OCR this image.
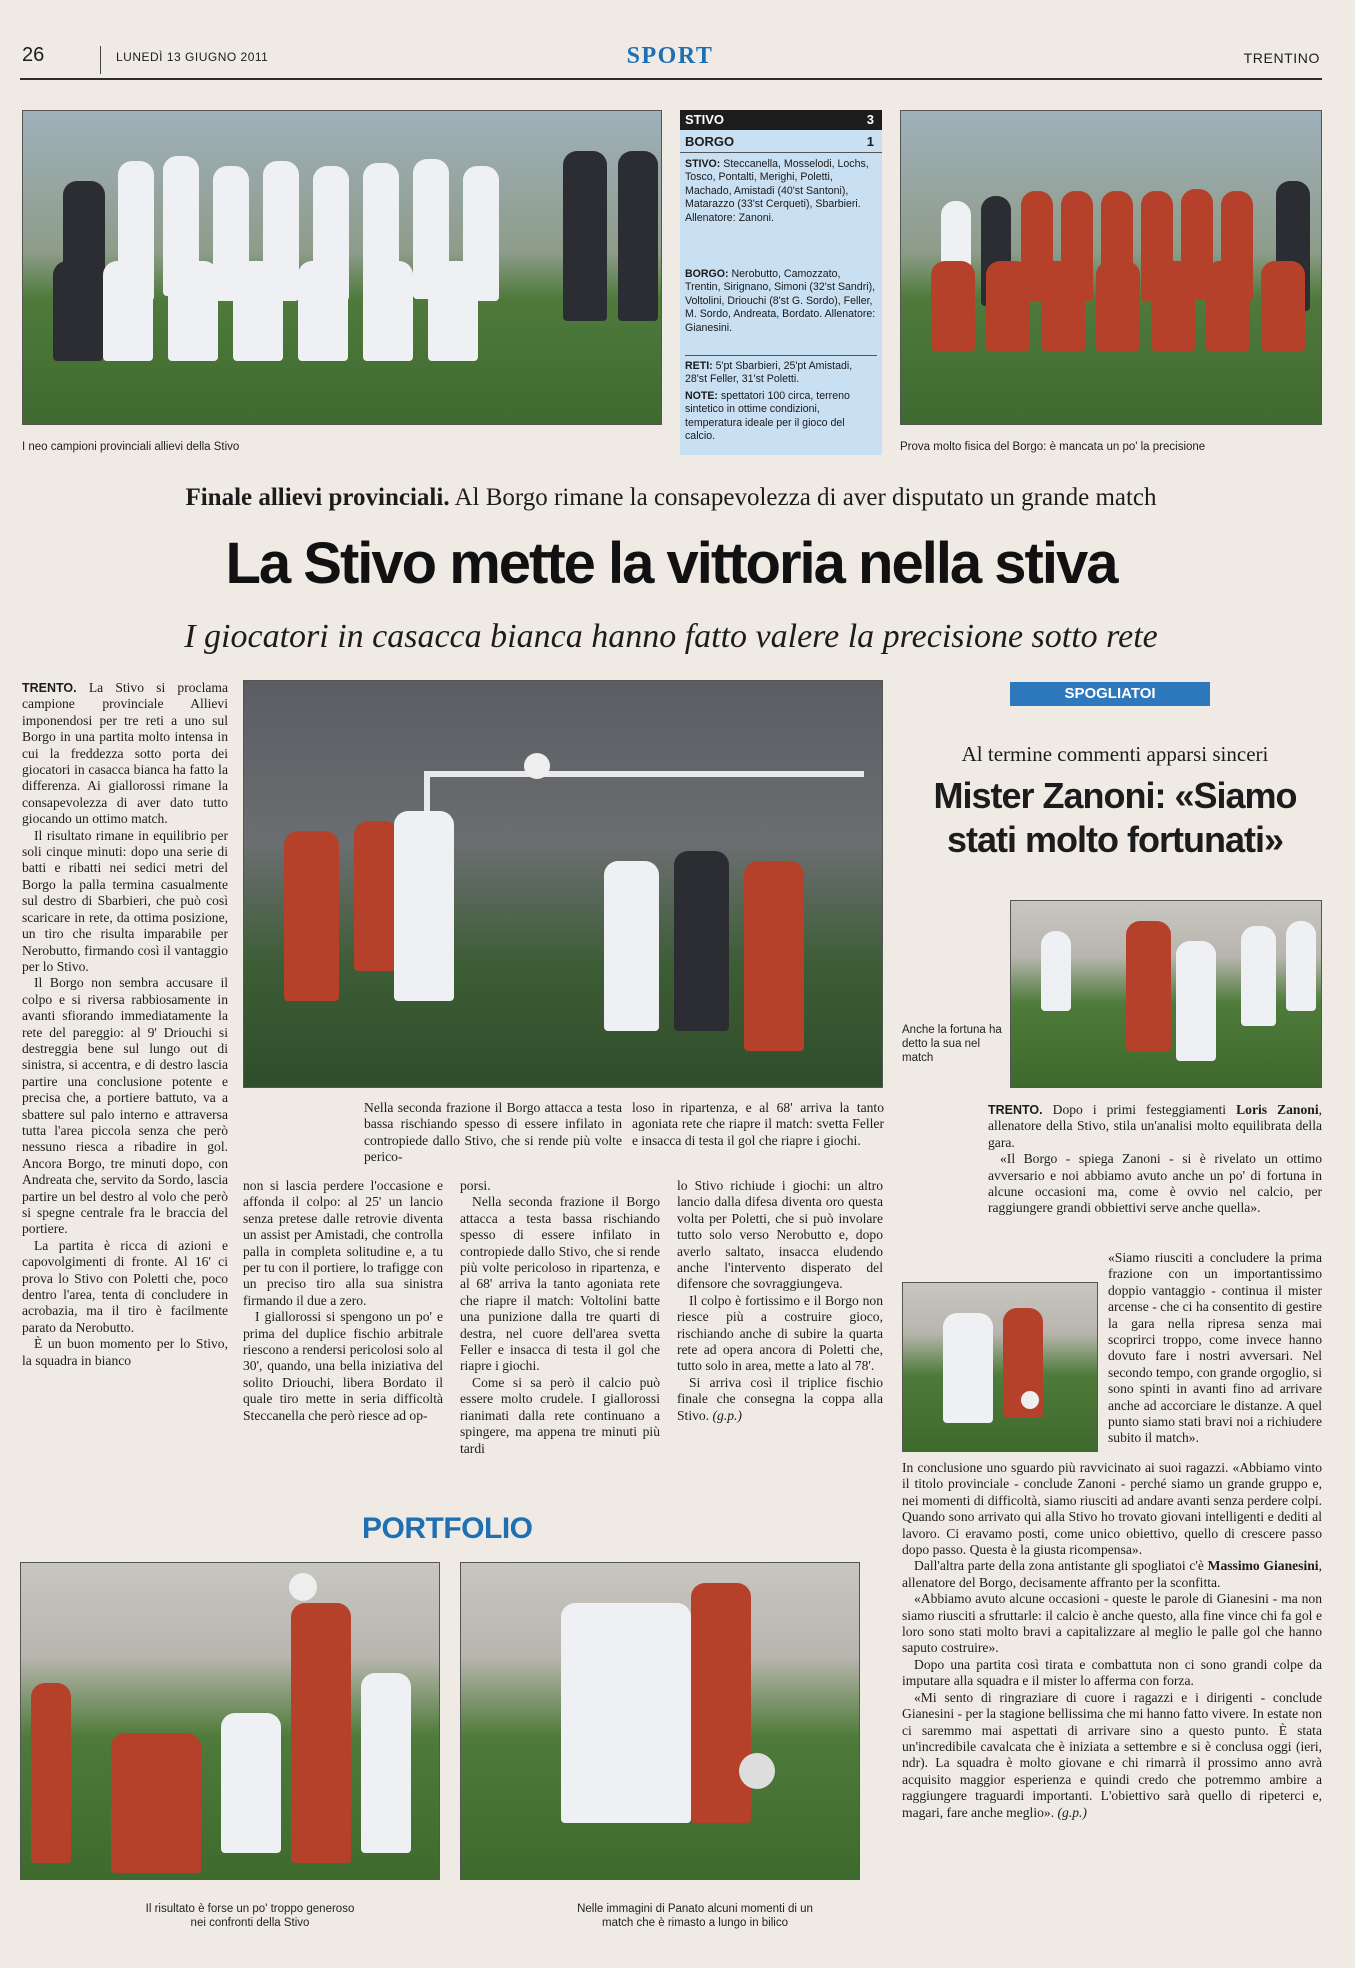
26	LUNEDÌ 13 GIUGNO 2011	SPORT	TRENTINO
I neo campioni provinciali allievi della Stivo
STIVO	3
BORGO	1
STIVO: Steccanella, Mosselodi, Lochs, Tosco, Pontalti, Merighi, Poletti, Machado, Amistadi (40'st Santoni), Matarazzo (33'st Cerqueti), Sbarbieri. Allenatore: Zanoni.
BORGO: Nerobutto, Camozzato, Trentin, Sirignano, Simoni (32'st Sandri), Voltolini, Driouchi (8'st G. Sordo), Feller, M. Sordo, Andreata, Bordato. Allenatore: Gianesini.
RETI: 5'pt Sbarbieri, 25'pt Amistadi, 28'st Feller, 31'st Poletti.
NOTE: spettatori 100 circa, terreno sintetico in ottime condizioni, temperatura ideale per il gioco del calcio.
Prova molto fisica del Borgo: è mancata un po' la precisione
Finale allievi provinciali. Al Borgo rimane la consapevolezza di aver disputato un grande match
La Stivo mette la vittoria nella stiva
I giocatori in casacca bianca hanno fatto valere la precisione sotto rete

TRENTO. La Stivo si proclama campione provinciale Allievi imponendosi per tre reti a uno sul Borgo in una partita molto intensa in cui la freddezza sotto porta dei giocatori in casacca bianca ha fatto la differenza. Ai giallorossi rimane la consapevolezza di aver dato tutto giocando un ottimo match.

Il risultato rimane in equilibrio per soli cinque minuti: dopo una serie di batti e ribatti nei sedici metri del Borgo la palla termina casualmente sul destro di Sbarbieri, che può così scaricare in rete, da ottima posizione, un tiro che risulta imparabile per Nerobutto, firmando così il vantaggio per lo Stivo.

Il Borgo non sembra accusare il colpo e si riversa rabbiosamente in avanti sfiorando immediatamente la rete del pareggio: al 9' Driouchi si destreggia bene sul lungo out di sinistra, si accentra, e di destro lascia partire una conclusione potente e precisa che, a portiere battuto, va a sbattere sul palo interno e attraversa tutta l'area piccola senza che però nessuno riesca a ribadire in gol. Ancora Borgo, tre minuti dopo, con Andreata che, servito da Sordo, lascia partire un bel destro al volo che però si spegne centrale fra le braccia del portiere.

La partita è ricca di azioni e capovolgimenti di fronte. Al 16' ci prova lo Stivo con Poletti che, poco dentro l'area, tenta di concludere in acrobazia, ma il tiro è facilmente parato da Nerobutto.

È un buon momento per lo Stivo, la squadra in bianco

Nella seconda frazione il Borgo attacca a testa bassa rischiando spesso di essere infilato in contropiede dallo Stivo, che si rende più volte perico-

loso in ripartenza, e al 68' arriva la tanto agoniata rete che riapre il match: svetta Feller e insacca di testa il gol che riapre i giochi.

non si lascia perdere l'occasione e affonda il colpo: al 25' un lancio senza pretese dalle retrovie diventa un assist per Amistadi, che controlla palla in completa solitudine e, a tu per tu con il portiere, lo trafigge con un preciso tiro alla sua sinistra firmando il due a zero.

I giallorossi si spengono un po' e prima del duplice fischio arbitrale riescono a rendersi pericolosi solo al 30', quando, una bella iniziativa del solito Driouchi, libera Bordato il quale tiro mette in seria difficoltà Steccanella che però riesce ad op-

porsi.

Nella seconda frazione il Borgo attacca a testa bassa rischiando spesso di essere infilato in contropiede dallo Stivo, che si rende più volte pericoloso in ripartenza, e al 68' arriva la tanto agoniata rete che riapre il match: Voltolini batte una punizione dalla tre quarti di destra, nel cuore dell'area svetta Feller e insacca di testa il gol che riapre i giochi.

Come si sa però il calcio può essere molto crudele. I giallorossi rianimati dalla rete continuano a spingere, ma appena tre minuti più tardi

lo Stivo richiude i giochi: un altro lancio dalla difesa diventa oro questa volta per Poletti, che si può involare tutto solo verso Nerobutto e, dopo averlo saltato, insacca eludendo anche l'intervento disperato del difensore che sovraggiungeva.

Il colpo è fortissimo e il Borgo non riesce più a costruire gioco, rischiando anche di subire la quarta rete ad opera ancora di Poletti che, tutto solo in area, mette a lato al 78'.

Si arriva così il triplice fischio finale che consegna la coppa alla Stivo. (g.p.)

SPOGLIATOI
Al termine commenti apparsi sinceri
Mister Zanoni: «Siamo stati molto fortunati»
Anche la fortuna ha detto la sua nel match

TRENTO. Dopo i primi festeggiamenti Loris Zanoni, allenatore della Stivo, stila un'analisi molto equilibrata della gara.

«Il Borgo - spiega Zanoni - si è rivelato un ottimo avversario e noi abbiamo avuto anche un po' di fortuna in alcune occasioni ma, come è ovvio nel calcio, per raggiungere grandi obbiettivi serve anche quella».

«Siamo riusciti a concludere la prima frazione con un importantissimo doppio vantaggio - continua il mister arcense - che ci ha consentito di gestire la gara nella ripresa senza mai scoprirci troppo, come invece hanno dovuto fare i nostri avversari. Nel secondo tempo, con grande orgoglio, si sono spinti in avanti fino ad arrivare anche ad accorciare le distanze. A quel punto siamo stati bravi noi a richiudere subito il match».

In conclusione uno sguardo più ravvicinato ai suoi ragazzi. «Abbiamo vinto il titolo provinciale - conclude Zanoni - perché siamo un grande gruppo e, nei momenti di difficoltà, siamo riusciti ad andare avanti senza perdere colpi. Quando sono arrivato qui alla Stivo ho trovato giovani intelligenti e dediti al lavoro. Ci eravamo posti, come unico obiettivo, quello di crescere passo dopo passo. Questa è la giusta ricompensa».

Dall'altra parte della zona antistante gli spogliatoi c'è Massimo Gianesini, allenatore del Borgo, decisamente affranto per la sconfitta.

«Abbiamo avuto alcune occasioni - queste le parole di Gianesini - ma non siamo riusciti a sfruttarle: il calcio è anche questo, alla fine vince chi fa gol e loro sono stati molto bravi a capitalizzare al meglio le palle gol che hanno saputo costruire».

Dopo una partita così tirata e combattuta non ci sono grandi colpe da imputare alla squadra e il mister lo afferma con forza.

«Mi sento di ringraziare di cuore i ragazzi e i dirigenti - conclude Gianesini - per la stagione bellissima che mi hanno fatto vivere. In estate non ci saremmo mai aspettati di arrivare sino a questo punto. È stata un'incredibile cavalcata che è iniziata a settembre e si è conclusa oggi (ieri, ndr). La squadra è molto giovane e chi rimarrà il prossimo anno avrà acquisito maggior esperienza e quindi credo che potremmo ambire a raggiungere traguardi importanti. L'obiettivo sarà quello di ripeterci e, magari, fare anche meglio». (g.p.)

PORTFOLIO
Il risultato è forse un po' troppo generoso nei confronti della Stivo
Nelle immagini di Panato alcuni momenti di un match che è rimasto a lungo in bilico
